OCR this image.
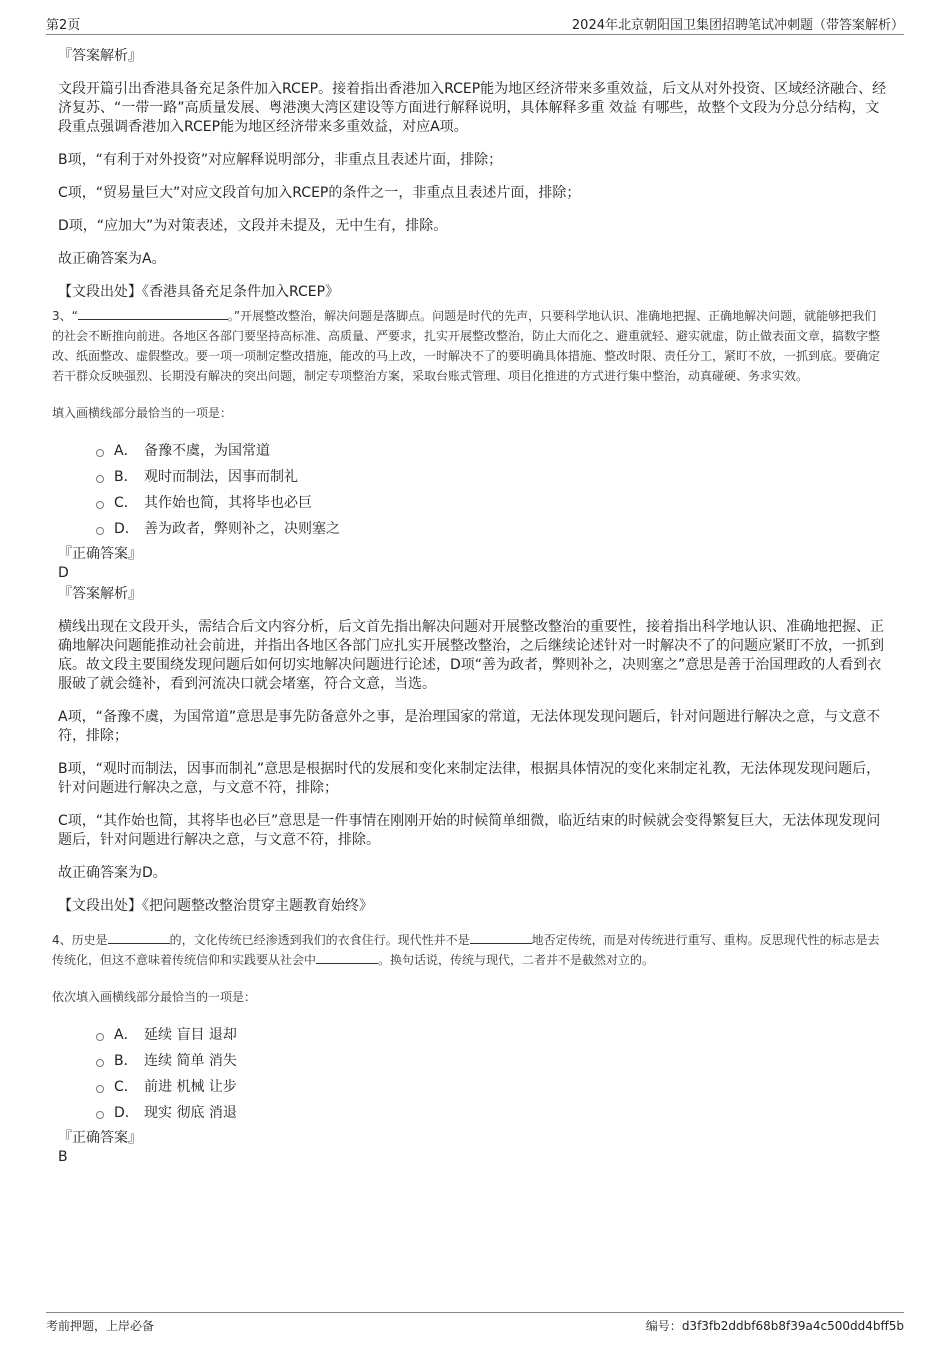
第2页	2024年北京朝阳国卫集团招聘笔试冲刺题（带答案解析）
『答案解析』
文段开篇引出香港具备充足条件加入RCEP。接着指出香港加入RCEP能为地区经济带来多重效益，后文从对外投资、区域经济融合、经济复苏、“一带一路”高质量发展、粤港澳大湾区建设等方面进行解释说明，具体解释多重 效益 有哪些，故整个文段为分总分结构，文段重点强调香港加入RCEP能为地区经济带来多重效益，对应A项。
B项，“有利于对外投资”对应解释说明部分，非重点且表述片面，排除；
C项，“贸易量巨大”对应文段首句加入RCEP的条件之一，非重点且表述片面，排除；
D项，“应加大”为对策表述，文段并未提及，无中生有，排除。
故正确答案为A。
【文段出处】《香港具备充足条件加入RCEP》
3、“	。”开展整改整治，解决问题是落脚点。问题是时代的先声，只要科学地认识、准确地把握、正确地解决问题，就能够把我们的社会不断推向前进。各地区各部门要坚持高标准、高质量、严要求，扎实开展整改整治，防止大而化之、避重就轻、避实就虚，防止做表面文章，搞数字整改、纸面整改、虚假整改。要一项一项制定整改措施，能改的马上改，一时解决不了的要明确具体措施、整改时限、责任分工，紧盯不放，一抓到底。要确定若干群众反映强烈、长期没有解决的突出问题，制定专项整治方案，采取台账式管理、项目化推进的方式进行集中整治，动真碰硬、务求实效。
填入画横线部分最恰当的一项是：
A． 备豫不虞，为国常道
B． 观时而制法，因事而制礼
C． 其作始也简，其将毕也必巨
D． 善为政者，弊则补之，决则塞之
『正确答案』
D
『答案解析』
横线出现在文段开头，需结合后文内容分析，后文首先指出解决问题对开展整改整治的重要性，接着指出科学地认识、准确地把握、正确地解决问题能推动社会前进，并指出各地区各部门应扎实开展整改整治，之后继续论述针对一时解决不了的问题应紧盯不放，一抓到底。故文段主要围绕发现问题后如何切实地解决问题进行论述，D项“善为政者，弊则补之，决则塞之”意思是善于治国理政的人看到衣服破了就会缝补，看到河流决口就会堵塞，符合文意，当选。
A项，“备豫不虞，为国常道”意思是事先防备意外之事，是治理国家的常道，无法体现发现问题后，针对问题进行解决之意，与文意不符，排除；
B项，“观时而制法，因事而制礼”意思是根据时代的发展和变化来制定法律，根据具体情况的变化来制定礼教，无法体现发现问题后，针对问题进行解决之意，与文意不符，排除；
C项，“其作始也简，其将毕也必巨”意思是一件事情在刚刚开始的时候简单细微，临近结束的时候就会变得繁复巨大，无法体现发现问题后，针对问题进行解决之意，与文意不符，排除。
故正确答案为D。
【文段出处】《把问题整改整治贯穿主题教育始终》
4、历史是	的，文化传统已经渗透到我们的衣食住行。现代性并不是	地否定传统，而是对传统进行重写、重构。反思现代性的标志是去传统化，但这不意味着传统信仰和实践要从社会中	。换句话说，传统与现代，二者并不是截然对立的。
依次填入画横线部分最恰当的一项是：
A． 延续 盲目 退却
B． 连续 简单 消失
C． 前进 机械 让步
D． 现实 彻底 消退
『正确答案』
B
考前押题，上岸必备	编号：d3f3fb2ddbf68b8f39a4c500dd4bff5b
